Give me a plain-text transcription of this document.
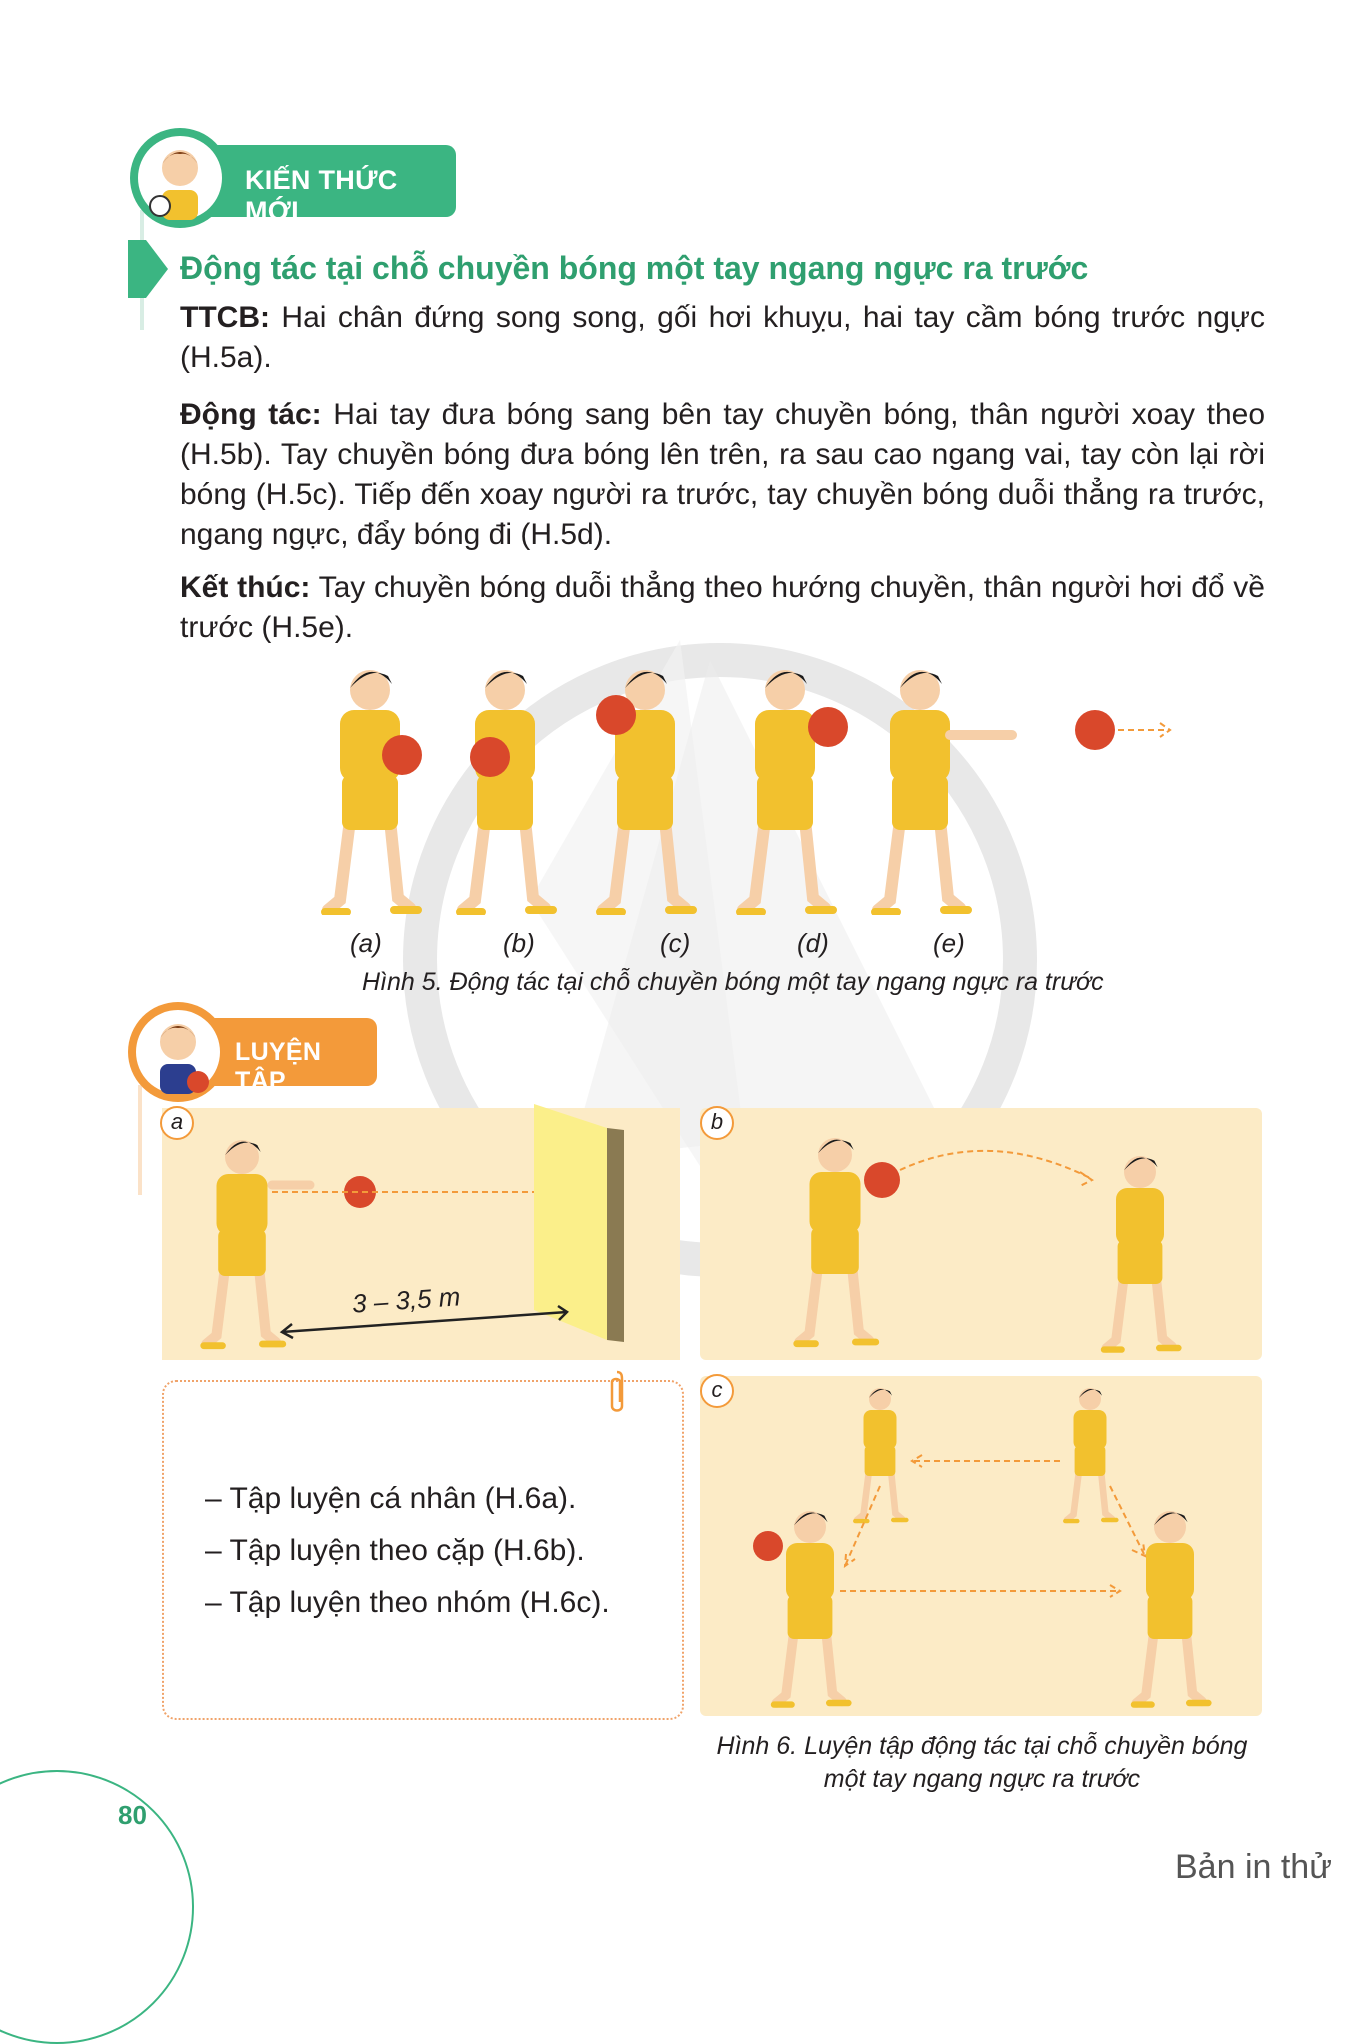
KIẾN THỨC MỚI
Động tác tại chỗ chuyền bóng một tay ngang ngực ra trước
TTCB: Hai chân đứng song song, gối hơi khuỵu, hai tay cầm bóng trước ngực (H.5a).
Động tác: Hai tay đưa bóng sang bên tay chuyền bóng, thân người xoay theo (H.5b). Tay chuyền bóng đưa bóng lên trên, ra sau cao ngang vai, tay còn lại rời bóng (H.5c). Tiếp đến xoay người ra trước, tay chuyền bóng duỗi thẳng ra trước, ngang ngực, đẩy bóng đi (H.5d).
Kết thúc: Tay chuyền bóng duỗi thẳng theo hướng chuyền, thân người hơi đổ về trước (H.5e).
(a)	(b)	(c)	(d)	(e)
Hình 5. Động tác tại chỗ chuyền bóng một tay ngang ngực ra trước
LUYỆN TẬP
a
3 – 3,5 m
b
c
– Tập luyện cá nhân (H.6a).
– Tập luyện theo cặp (H.6b).
– Tập luyện theo nhóm (H.6c).
Hình 6. Luyện tập động tác tại chỗ chuyền bóng
một tay ngang ngực ra trước
80
Bản in thử
